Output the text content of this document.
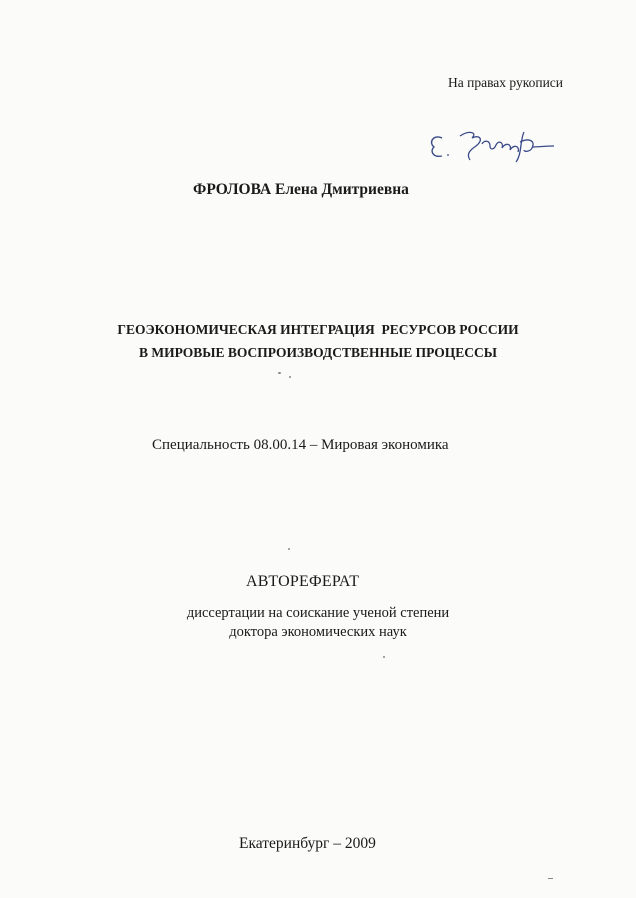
На правах рукописи
ФРОЛОВА Елена Дмитриевна
ГЕОЭКОНОМИЧЕСКАЯ ИНТЕГРАЦИЯ  РЕСУРСОВ РОССИИ
В МИРОВЫЕ ВОСПРОИЗВОДСТВЕННЫЕ ПРОЦЕССЫ
Специальность 08.00.14 – Мировая экономика
АВТОРЕФЕРАТ
диссертации на соискание ученой степени
доктора экономических наук
Екатеринбург – 2009
